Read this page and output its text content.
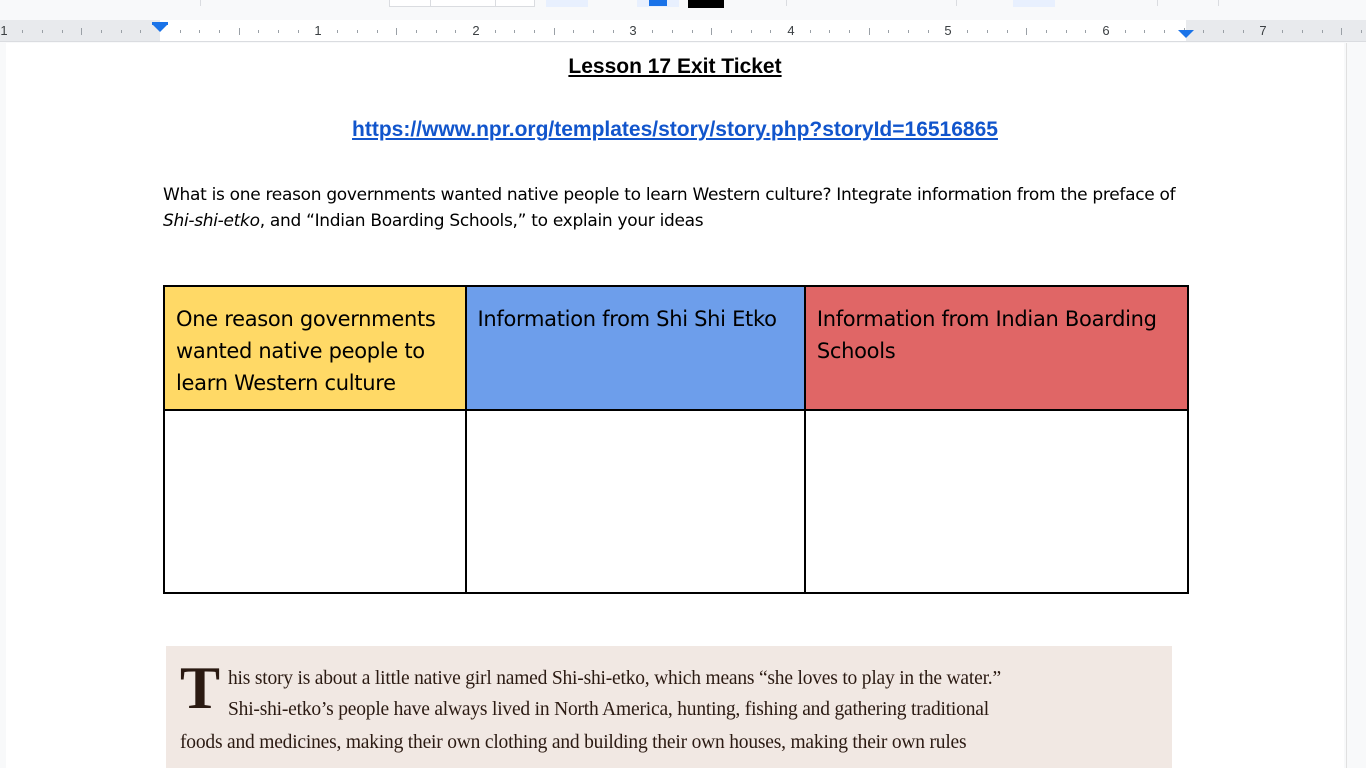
1	1	2	3	4	5	6	7
Lesson 17 Exit Ticket
https://www.npr.org/templates/story/story.php?storyId=16516865
What is one reason governments wanted native people to learn Western culture? Integrate information from the preface of Shi-shi-etko, and “Indian Boarding Schools,” to explain your ideas
One reason governments wanted native people to learn Western culture	Information from Shi Shi Etko	Information from Indian Boarding Schools

T his story is about a little native girl named Shi-shi-etko, which means “she loves to play in the water.”
Shi-shi-etko’s people have always lived in North America, hunting, fishing and gathering traditional
foods and medicines, making their own clothing and building their own houses, making their own rules
